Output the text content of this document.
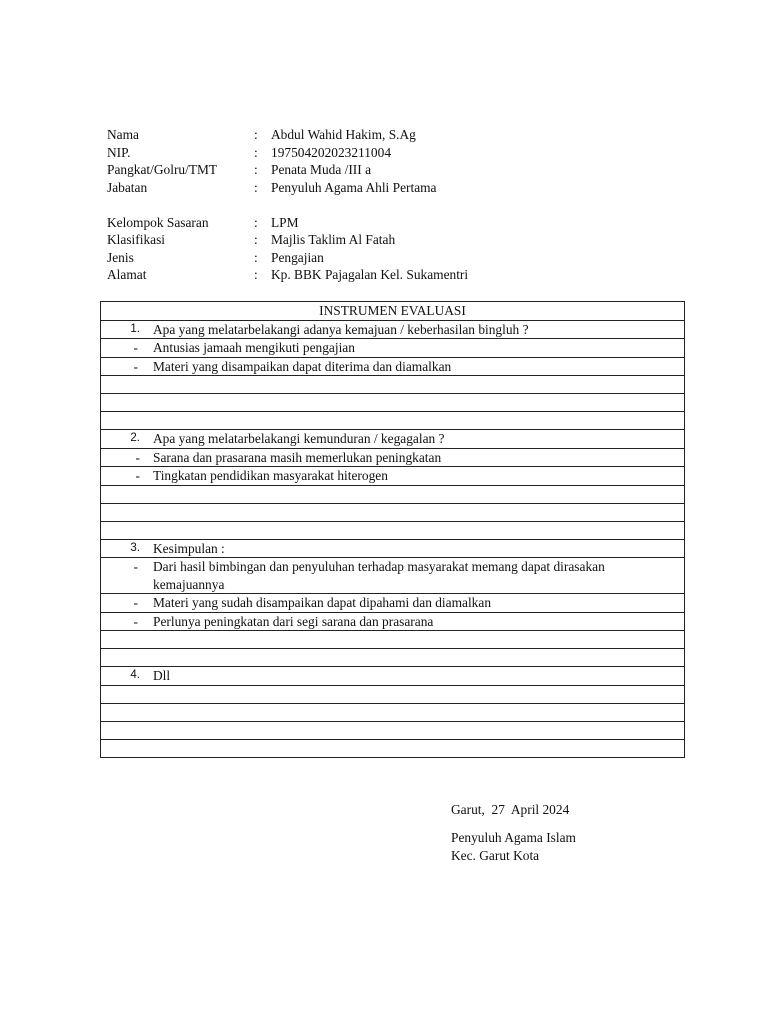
Nama	: Abdul Wahid Hakim, S.Ag
NIP.	: 197504202023211004
Pangkat/Golru/TMT	: Penata Muda /III a
Jabatan	: Penyuluh Agama Ahli Pertama
Kelompok Sasaran	: LPM
Klasifikasi	: Majlis Taklim Al Fatah
Jenis	: Pengajian
Alamat	: Kp. BBK Pajagalan Kel. Sukamentri
INSTRUMEN EVALUASI

1. Apa yang melatarbelakangi adanya kemajuan / keberhasilan bingluh ?

-	Antusias jamaah mengikuti pengajian

-	Materi yang disampaikan dapat diterima dan diamalkan

2. Apa yang melatarbelakangi kemunduran / kegagalan ?

- Sarana dan prasarana masih memerlukan peningkatan

- Tingkatan pendidikan masyarakat hiterogen

3. Kesimpulan :

-	Dari hasil bimbingan dan penyuluhan terhadap masyarakat memang dapat dirasakan kemajuannya

-	Materi yang sudah disampaikan dapat dipahami dan diamalkan

-	Perlunya peningkatan dari segi sarana dan prasarana

4. Dll

Garut,  27  April 2024
Penyuluh Agama Islam
Kec. Garut Kota
